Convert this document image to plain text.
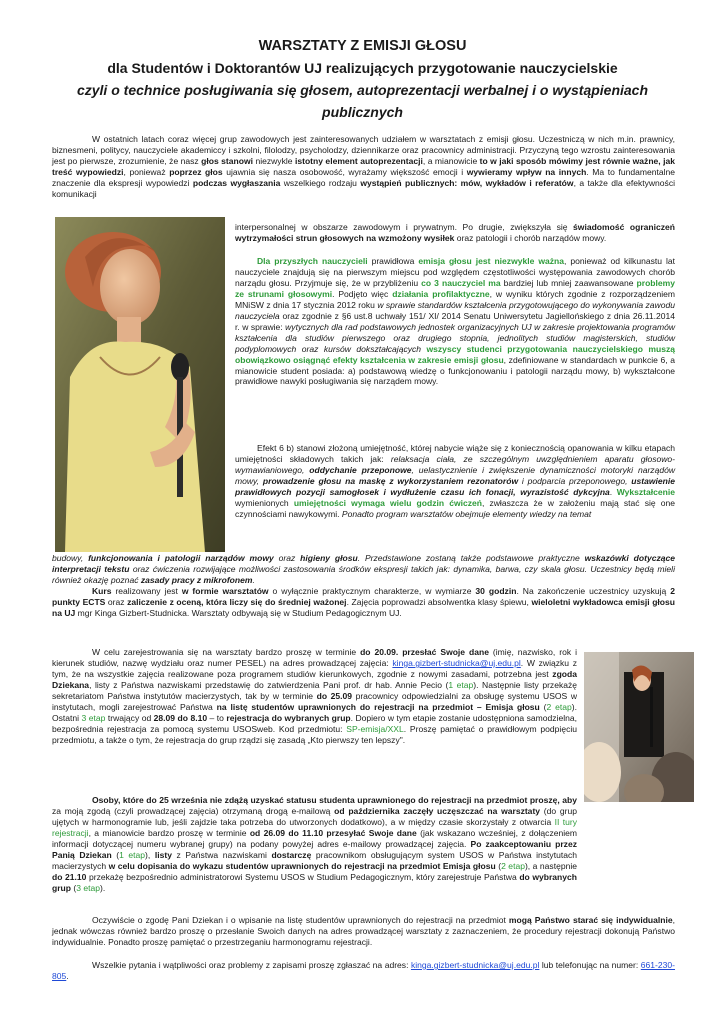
WARSZTATY Z EMISJI GŁOSU
dla Studentów i Doktorantów UJ realizujących przygotowanie nauczycielskie
czyli o technice posługiwania się głosem, autoprezentacji werbalnej i o wystąpieniach
publicznych

W ostatnich latach coraz więcej grup zawodowych jest zainteresowanych udziałem w warsztatach z emisji głosu. Uczestniczą w nich m.in. prawnicy, biznesmeni, politycy, nauczyciele akademiccy i szkolni, filolodzy, psycholodzy, dziennikarze oraz pracownicy administracji. Przyczyną tego wzrostu zainteresowania jest po pierwsze, zrozumienie, że nasz głos stanowi niezwykle istotny element autoprezentacji, a mianowicie to w jaki sposób mówimy jest równie ważne, jak treść wypowiedzi, ponieważ poprzez głos ujawnia się nasza osobowość, wyrażamy większość emocji i wywieramy wpływ na innych. Ma to fundamentalne znaczenie dla ekspresji wypowiedzi podczas wygłaszania wszelkiego rodzaju wystąpień publicznych: mów, wykładów i referatów, a także dla efektywności komunikacji

interpersonalnej w obszarze zawodowym i prywatnym. Po drugie, zwiększyła się świadomość ograniczeń wytrzymałości strun głosowych na wzmożony wysiłek oraz patologii i chorób narządów mowy.

Dla przyszłych nauczycieli prawidłowa emisja głosu jest niezwykle ważna, ponieważ od kilkunastu lat nauczyciele znajdują się na pierwszym miejscu pod względem częstotliwości występowania zawodowych chorób narządu głosu. Przyjmuje się, że w przybliżeniu co 3 nauczyciel ma bardziej lub mniej zaawansowane problemy ze strunami głosowymi. Podjęto więc działania profilaktyczne, w wyniku których zgodnie z rozporządzeniem MNiSW z dnia 17 stycznia 2012 roku w sprawie standardów kształcenia przygotowującego do wykonywania zawodu nauczyciela oraz zgodnie z §6 ust.8 uchwały 151/ XI/ 2014 Senatu Uniwersytetu Jagiellońskiego z dnia 26.11.2014 r. w sprawie: wytycznych dla rad podstawowych jednostek organizacyjnych UJ w zakresie projektowania programów kształcenia dla studiów pierwszego oraz drugiego stopnia, jednolitych studiów magisterskich, studiów podyplomowych oraz kursów dokształcających wszyscy studenci przygotowania nauczycielskiego muszą obowiązkowo osiągnąć efekty kształcenia w zakresie emisji głosu, zdefiniowane w standardach w punkcie 6, a mianowicie student posiada: a) podstawową wiedzę o funkcjonowaniu i patologii narządu mowy, b) wykształcone prawidłowe nawyki posługiwania się narządem mowy.

Efekt 6 b) stanowi złożoną umiejętność, której nabycie wiąże się z koniecznością opanowania w kilku etapach umiejętności składowych takich jak: relaksacja ciała, ze szczególnym uwzględnieniem aparatu głosowo-wymawianiowego, oddychanie przeponowe, uelastycznienie i zwiększenie dynamiczności motoryki narządów mowy, prowadzenie głosu na maskę z wykorzystaniem rezonatorów i podparcia przeponowego, ustawienie prawidłowych pozycji samogłosek i wydłużenie czasu ich fonacji, wyrazistość dykcyjna. Wykształcenie wymienionych umiejętności wymaga wielu godzin ćwiczeń, zwłaszcza że w założeniu mają stać się one czynnościami nawykowymi. Ponadto program warsztatów obejmuje elementy wiedzy na temat

budowy, funkcjonowania i patologii narządów mowy oraz higieny głosu. Przedstawione zostaną także podstawowe praktyczne wskazówki dotyczące interpretacji tekstu oraz ćwiczenia rozwijające możliwości zastosowania środków ekspresji takich jak: dynamika, barwa, czy skala głosu. Uczestnicy będą mieli również okazję poznać zasady pracy z mikrofonem.

Kurs realizowany jest w formie warsztatów o wyłącznie praktycznym charakterze, w wymiarze 30 godzin. Na zakończenie uczestnicy uzyskują 2 punkty ECTS oraz zaliczenie z oceną, która liczy się do średniej ważonej. Zajęcia poprowadzi absolwentka klasy śpiewu, wieloletni wykładowca emisji głosu na UJ mgr Kinga Gizbert-Studnicka. Warsztaty odbywają się w Studium Pedagogicznym UJ.

W celu zarejestrowania się na warsztaty bardzo proszę w terminie do 20.09. przesłać Swoje dane (imię, nazwisko, rok i kierunek studiów, nazwę wydziału oraz numer PESEL) na adres prowadzącej zajęcia: kinga.gizbert-studnicka@uj.edu.pl. W związku z tym, że na wszystkie zajęcia realizowane poza programem studiów kierunkowych, zgodnie z nowymi zasadami, potrzebna jest zgoda Dziekana, listy z Państwa nazwiskami przedstawię do zatwierdzenia Pani prof. dr hab. Annie Pecio (1 etap). Następnie listy przekażę sekretariatom Państwa instytutów macierzystych, tak by w terminie do 25.09 pracownicy odpowiedzialni za obsługę systemu USOS w instytutach, mogli zarejestrować Państwa na listę studentów uprawnionych do rejestracji na przedmiot – Emisja głosu (2 etap). Ostatni 3 etap trwający od 28.09 do 8.10 – to rejestracja do wybranych grup. Dopiero w tym etapie zostanie udostępniona samodzielna, bezpośrednia rejestracja za pomocą systemu USOSweb. Kod przedmiotu: SP-emisja/XXL. Proszę pamiętać o prawidłowym podpięciu przedmiotu, a także o tym, że rejestracja do grup rządzi się zasadą „Kto pierwszy ten lepszy".

Osoby, które do 25 września nie zdążą uzyskać statusu studenta uprawnionego do rejestracji na przedmiot proszę, aby za moją zgodą (czyli prowadzącej zajęcia) otrzymaną drogą e-mailową od października zaczęły uczęszczać na warsztaty (do grup ujętych w harmonogramie lub, jeśli zajdzie taka potrzeba do utworzonych dodatkowo), a w między czasie skorzystały z otwarcia II tury rejestracji, a mianowicie bardzo proszę w terminie od 26.09 do 11.10 przesyłać Swoje dane (jak wskazano wcześniej, z dołączeniem informacji dotyczącej numeru wybranej grupy) na podany powyżej adres e-mailowy prowadzącej zajęcia. Po zaakceptowaniu przez Panią Dziekan (1 etap), listy z Państwa nazwiskami dostarczę pracownikom obsługującym system USOS w Państwa instytutach macierzystych w celu dopisania do wykazu studentów uprawnionych do rejestracji na przedmiot Emisja głosu (2 etap), a następnie do 21.10 przekażę bezpośrednio administratorowi Systemu USOS w Studium Pedagogicznym, który zarejestruje Państwa do wybranych grup (3 etap).

Oczywiście o zgodę Pani Dziekan i o wpisanie na listę studentów uprawnionych do rejestracji na przedmiot mogą Państwo starać się indywidualnie, jednak wówczas również bardzo proszę o przesłanie Swoich danych na adres prowadzącej warsztaty z zaznaczeniem, że procedury rejestracji dokonują Państwo indywidualnie. Ponadto proszę pamiętać o przestrzeganiu harmonogramu rejestracji.

Wszelkie pytania i wątpliwości oraz problemy z zapisami proszę zgłaszać na adres: kinga.gizbert-studnicka@uj.edu.pl lub telefonując na numer: 661-230-805.
